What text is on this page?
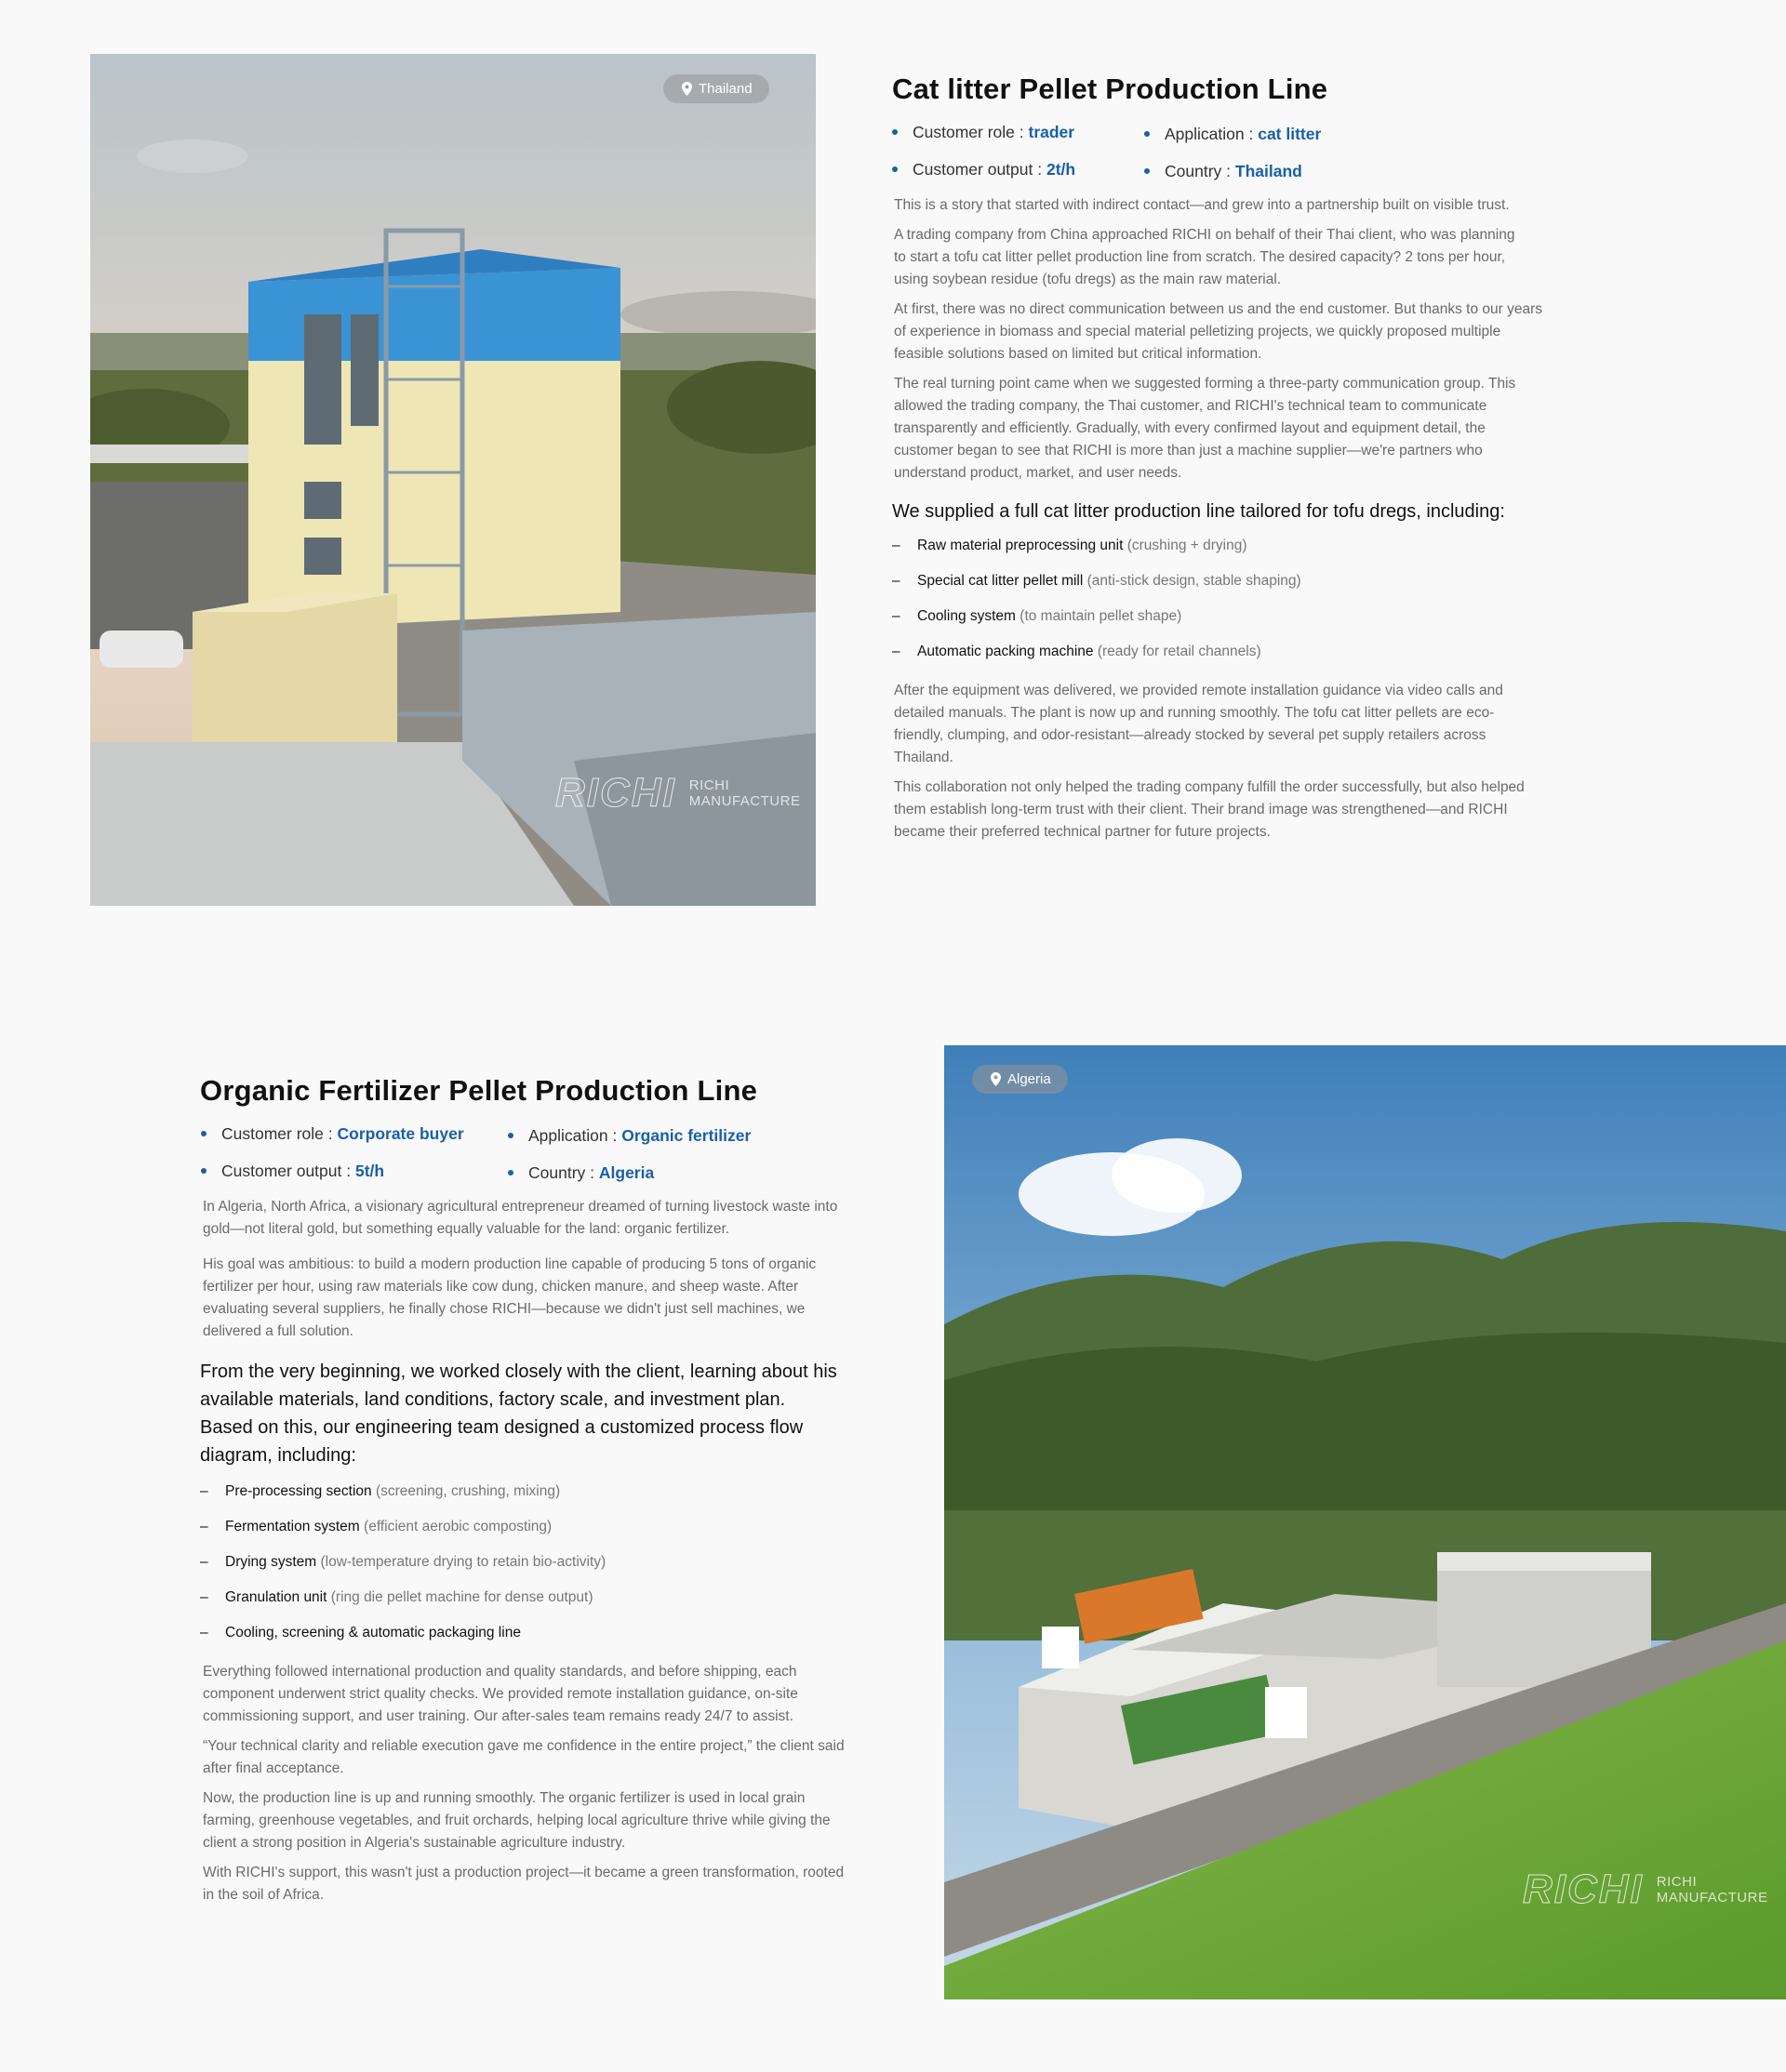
Thailand
RICHI RICHI
MANUFACTURE
Cat litter Pellet Production Line
Customer role : trader	Application : cat litter
Customer output : 2t/h	Country : Thailand

This is a story that started with indirect contact—and grew into a partnership built on visible trust.

A trading company from China approached RICHI on behalf of their Thai client, who was planning to start a tofu cat litter pellet production line from scratch. The desired capacity? 2 tons per hour, using soybean residue (tofu dregs) as the main raw material.

At first, there was no direct communication between us and the end customer. But thanks to our years of experience in biomass and special material pelletizing projects, we quickly proposed multiple feasible solutions based on limited but critical information.

The real turning point came when we suggested forming a three-party communication group. This allowed the trading company, the Thai customer, and RICHI's technical team to communicate transparently and efficiently. Gradually, with every confirmed layout and equipment detail, the customer began to see that RICHI is more than just a machine supplier—we're partners who understand product, market, and user needs.

We supplied a full cat litter production line tailored for tofu dregs, including:

– Raw material preprocessing unit (crushing + drying)
– Special cat litter pellet mill (anti-stick design, stable shaping)
– Cooling system (to maintain pellet shape)
– Automatic packing machine (ready for retail channels)

After the equipment was delivered, we provided remote installation guidance via video calls and detailed manuals. The plant is now up and running smoothly. The tofu cat litter pellets are eco-friendly, clumping, and odor-resistant—already stocked by several pet supply retailers across Thailand.

This collaboration not only helped the trading company fulfill the order successfully, but also helped them establish long-term trust with their client. Their brand image was strengthened—and RICHI became their preferred technical partner for future projects.

Organic Fertilizer Pellet Production Line
Customer role : Corporate buyer	Application : Organic fertilizer
Customer output : 5t/h	Country : Algeria

In Algeria, North Africa, a visionary agricultural entrepreneur dreamed of turning livestock waste into gold—not literal gold, but something equally valuable for the land: organic fertilizer.

His goal was ambitious: to build a modern production line capable of producing 5 tons of organic fertilizer per hour, using raw materials like cow dung, chicken manure, and sheep waste. After evaluating several suppliers, he finally chose RICHI—because we didn't just sell machines, we delivered a full solution.

From the very beginning, we worked closely with the client, learning about his available materials, land conditions, factory scale, and investment plan. Based on this, our engineering team designed a customized process flow diagram, including:

– Pre-processing section (screening, crushing, mixing)
– Fermentation system (efficient aerobic composting)
– Drying system (low-temperature drying to retain bio-activity)
– Granulation unit (ring die pellet machine for dense output)
– Cooling, screening & automatic packaging line

Everything followed international production and quality standards, and before shipping, each component underwent strict quality checks. We provided remote installation guidance, on-site commissioning support, and user training. Our after-sales team remains ready 24/7 to assist.

“Your technical clarity and reliable execution gave me confidence in the entire project,” the client said after final acceptance.

Now, the production line is up and running smoothly. The organic fertilizer is used in local grain farming, greenhouse vegetables, and fruit orchards, helping local agriculture thrive while giving the client a strong position in Algeria's sustainable agriculture industry.

With RICHI's support, this wasn't just a production project—it became a green transformation, rooted in the soil of Africa.

Algeria
RICHI RICHI
MANUFACTURE
